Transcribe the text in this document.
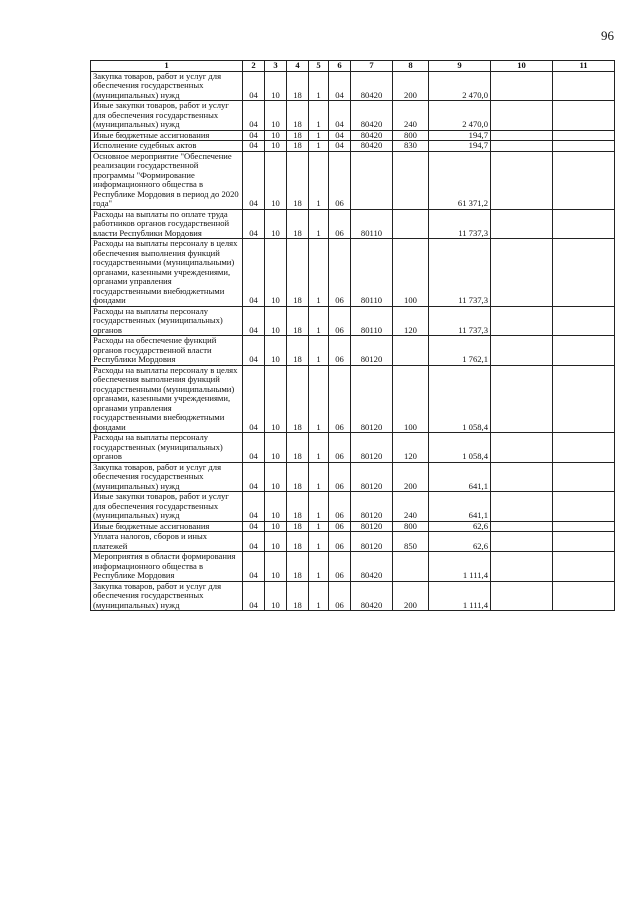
96
1	2	3	4	5	6	7	8	9	10	11
Закупка товаров, работ и услуг для обеспечения государственных (муниципальных) нужд	04	10	18	1	04	80420	200	2 470,0		
Иные закупки товаров, работ и услуг для обеспечения государственных (муниципальных) нужд	04	10	18	1	04	80420	240	2 470,0		
Иные бюджетные ассигнования	04	10	18	1	04	80420	800	194,7		
Исполнение судебных актов	04	10	18	1	04	80420	830	194,7		
Основное мероприятие "Обеспечение реализации государственной программы "Формирование информационного общества в Республике Мордовия в период до 2020 года"	04	10	18	1	06			61 371,2		
Расходы на выплаты по оплате труда работников органов государственной власти Республики Мордовия	04	10	18	1	06	80110		11 737,3		
Расходы на выплаты персоналу в целях обеспечения выполнения функций государственными (муниципальными) органами, казенными учреждениями, органами управления государственными внебюджетными фондами	04	10	18	1	06	80110	100	11 737,3		
Расходы на выплаты персоналу государственных (муниципальных) органов	04	10	18	1	06	80110	120	11 737,3		
Расходы на обеспечение функций органов государственной власти Республики Мордовия	04	10	18	1	06	80120		1 762,1		
Расходы на выплаты персоналу в целях обеспечения выполнения функций государственными (муниципальными) органами, казенными учреждениями, органами управления государственными внебюджетными фондами	04	10	18	1	06	80120	100	1 058,4		
Расходы на выплаты персоналу государственных (муниципальных) органов	04	10	18	1	06	80120	120	1 058,4		
Закупка товаров, работ и услуг для обеспечения государственных (муниципальных) нужд	04	10	18	1	06	80120	200	641,1		
Иные закупки товаров, работ и услуг для обеспечения государственных (муниципальных) нужд	04	10	18	1	06	80120	240	641,1		
Иные бюджетные ассигнования	04	10	18	1	06	80120	800	62,6		
Уплата налогов, сборов и иных платежей	04	10	18	1	06	80120	850	62,6		
Мероприятия в области формирования информационного общества в Республике Мордовия	04	10	18	1	06	80420		1 111,4		
Закупка товаров, работ и услуг для обеспечения государственных (муниципальных) нужд	04	10	18	1	06	80420	200	1 111,4		
